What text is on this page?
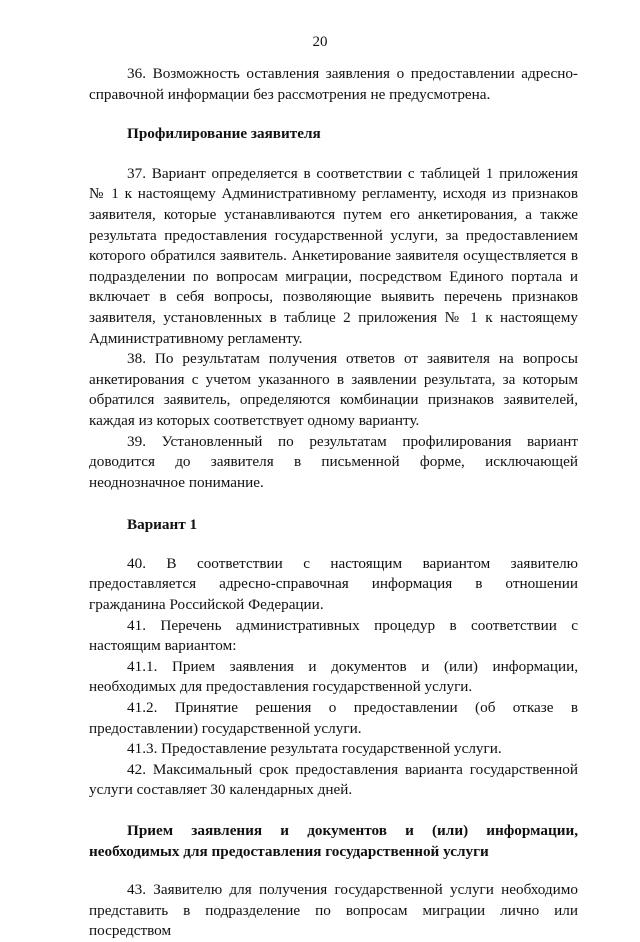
20

36. Возможность оставления заявления о предоставлении адресно-справочной информации без рассмотрения не предусмотрена.

Профилирование заявителя

37. Вариант определяется в соответствии с таблицей 1 приложения № 1 к настоящему Административному регламенту, исходя из признаков заявителя, которые устанавливаются путем его анкетирования, а также результата предоставления государственной услуги, за предоставлением которого обратился заявитель. Анкетирование заявителя осуществляется в подразделении по вопросам миграции, посредством Единого портала и включает в себя вопросы, позволяющие выявить перечень признаков заявителя, установленных в таблице 2 приложения № 1 к настоящему Административному регламенту.

38. По результатам получения ответов от заявителя на вопросы анкетирования с учетом указанного в заявлении результата, за которым обратился заявитель, определяются комбинации признаков заявителей, каждая из которых соответствует одному варианту.

39. Установленный по результатам профилирования вариант доводится до заявителя в письменной форме, исключающей неоднозначное понимание.

Вариант 1

40. В соответствии с настоящим вариантом заявителю предоставляется адресно-справочная информация в отношении гражданина Российской Федерации.

41. Перечень административных процедур в соответствии с настоящим вариантом:

41.1. Прием заявления и документов и (или) информации, необходимых для предоставления государственной услуги.

41.2. Принятие решения о предоставлении (об отказе в предоставлении) государственной услуги.

41.3. Предоставление результата государственной услуги.

42. Максимальный срок предоставления варианта государственной услуги составляет 30 календарных дней.

Прием заявления и документов и (или) информации, необходимых для предоставления государственной услуги

43. Заявителю для получения государственной услуги необходимо представить в подразделение по вопросам миграции лично или посредством
